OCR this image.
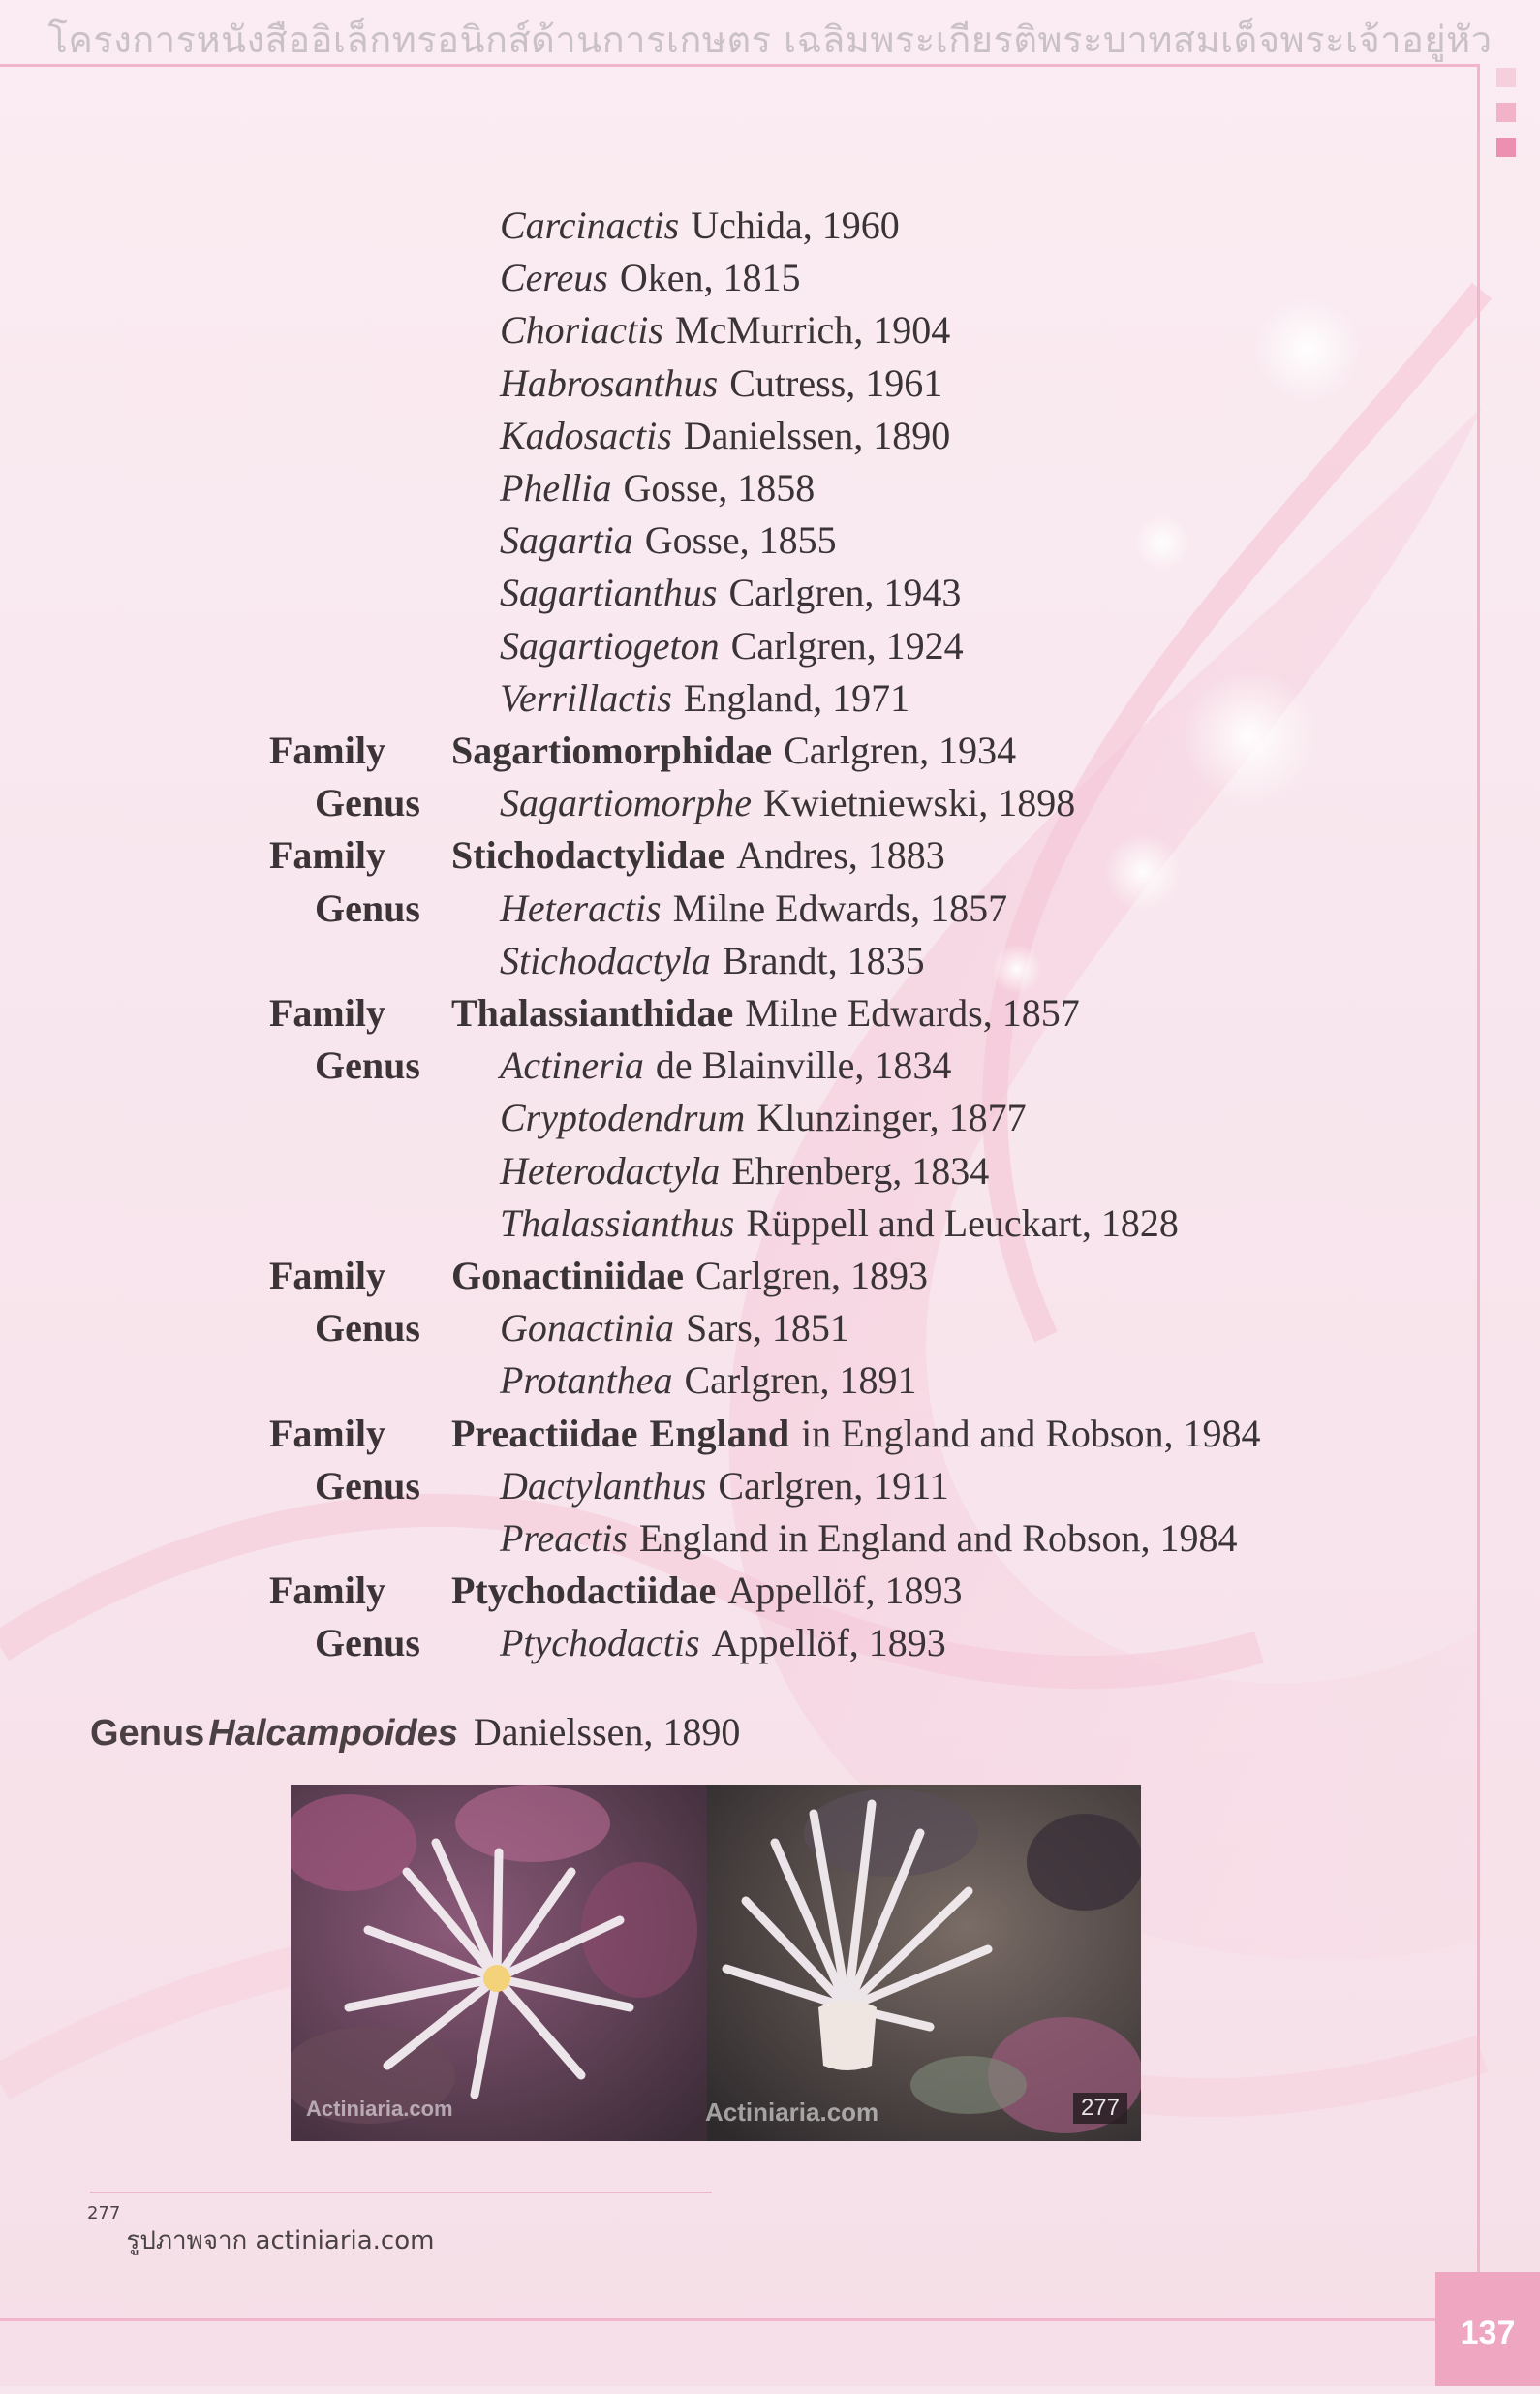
โครงการหนังสืออิเล็กทรอนิกส์ด้านการเกษตร เฉลิมพระเกียรติพระบาทสมเด็จพระเจ้าอยู่หัว
Carcinactis Uchida, 1960
Cereus Oken, 1815
Choriactis McMurrich, 1904
Habrosanthus Cutress, 1961
Kadosactis Danielssen, 1890
Phellia Gosse, 1858
Sagartia Gosse, 1855
Sagartianthus Carlgren, 1943
Sagartiogeton Carlgren, 1924
Verrillactis England, 1971
Family Sagartiomorphidae Carlgren, 1934
Genus Sagartiomorphe Kwietniewski, 1898
Family Stichodactylidae Andres, 1883
Genus Heteractis Milne Edwards, 1857
Stichodactyla Brandt, 1835
Family Thalassianthidae Milne Edwards, 1857
Genus Actineria de Blainville, 1834
Cryptodendrum Klunzinger, 1877
Heterodactyla Ehrenberg, 1834
Thalassianthus Rüppell and Leuckart, 1828
Family Gonactiniidae Carlgren, 1893
Genus Gonactinia Sars, 1851
Protanthea Carlgren, 1891
Family Preactiidae England in England and Robson, 1984
Genus Dactylanthus Carlgren, 1911
Preactis England in England and Robson, 1984
Family Ptychodactiidae Appellöf, 1893
Genus Ptychodactis Appellöf, 1893
Genus Halcampoides Danielssen, 1890
Actiniaria.com	Actiniaria.com	277
277รูปภาพจาก actiniaria.com
137
